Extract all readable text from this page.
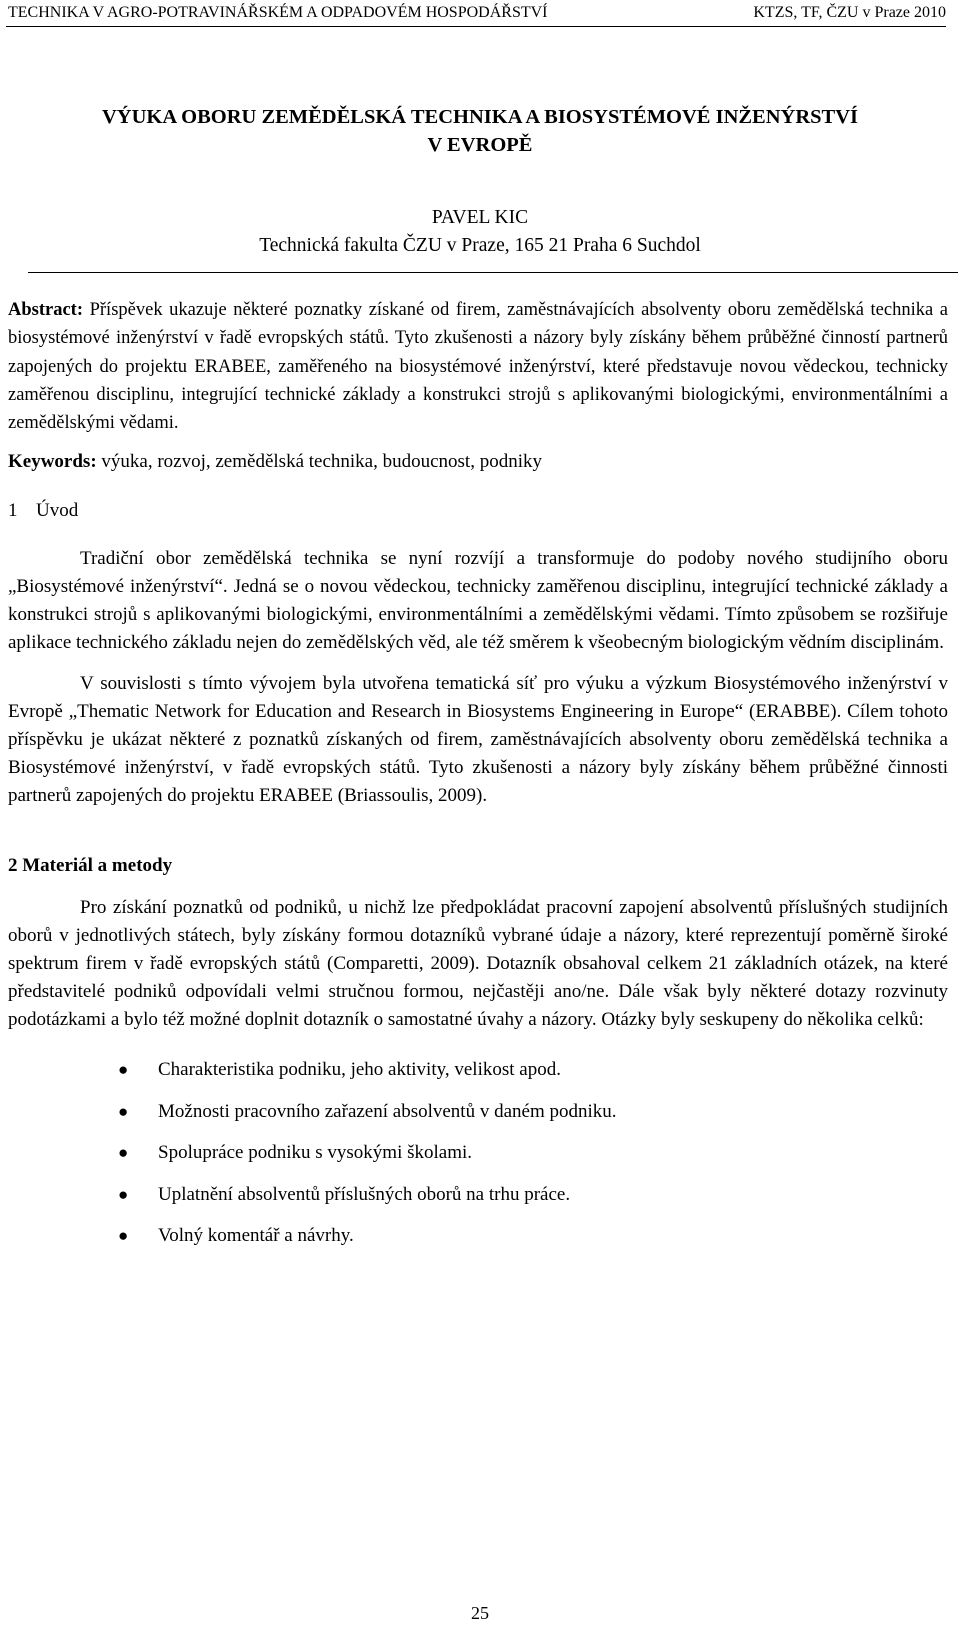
TECHNIKA V AGRO-POTRAVINÁŘSKÉM A ODPADOVÉM HOSPODÁŘSTVÍ	KTZS, TF, ČZU v Praze 2010
VÝUKA OBORU ZEMĚDĚLSKÁ TECHNIKA A BIOSYSTÉMOVÉ INŽENÝRSTVÍ
V EVROPĚ
PAVEL KIC
Technická fakulta ČZU v Praze, 165 21 Praha 6 Suchdol

Abstract: Příspěvek ukazuje některé poznatky získané od firem, zaměstnávajících absolventy oboru zemědělská technika a biosystémové inženýrství v řadě evropských států. Tyto zkušenosti a názory byly získány během průběžné činností partnerů zapojených do projektu ERABEE, zaměřeného na biosystémové inženýrství, které představuje novou vědeckou, technicky zaměřenou disciplinu, integrující technické základy a konstrukci strojů s aplikovanými biologickými, environmentálními a zemědělskými vědami.

Keywords: výuka, rozvoj, zemědělská technika, budoucnost, podniky

1 Úvod

Tradiční obor zemědělská technika se nyní rozvíjí a transformuje do podoby nového studijního oboru „Biosystémové inženýrství“. Jedná se o novou vědeckou, technicky zaměřenou disciplinu, integrující technické základy a konstrukci strojů s aplikovanými biologickými, environmentálními a zemědělskými vědami. Tímto způsobem se rozšiřuje aplikace technického základu nejen do zemědělských věd, ale též směrem k všeobecným biologickým vědním disciplinám.

V souvislosti s tímto vývojem byla utvořena tematická síť pro výuku a výzkum Biosystémového inženýrství v Evropě „Thematic Network for Education and Research in Biosystems Engineering in Europe“ (ERABBE). Cílem tohoto příspěvku je ukázat některé z poznatků získaných od firem, zaměstnávajících absolventy oboru zemědělská technika a Biosystémové inženýrství, v řadě evropských států. Tyto zkušenosti a názory byly získány během průběžné činnosti partnerů zapojených do projektu ERABEE (Briassoulis, 2009).

2 Materiál a metody

Pro získání poznatků od podniků, u nichž lze předpokládat pracovní zapojení absolventů příslušných studijních oborů v jednotlivých státech, byly získány formou dotazníků vybrané údaje a názory, které reprezentují poměrně široké spektrum firem v řadě evropských států (Comparetti, 2009). Dotazník obsahoval celkem 21 základních otázek, na které představitelé podniků odpovídali velmi stručnou formou, nejčastěji ano/ne. Dále však byly některé dotazy rozvinuty podotázkami a bylo též možné doplnit dotazník o samostatné úvahy a názory. Otázky byly seskupeny do několika celků:

● Charakteristika podniku, jeho aktivity, velikost apod.
● Možnosti pracovního zařazení absolventů v daném podniku.
● Spolupráce podniku s vysokými školami.
● Uplatnění absolventů příslušných oborů na trhu práce.
● Volný komentář a návrhy.
25
